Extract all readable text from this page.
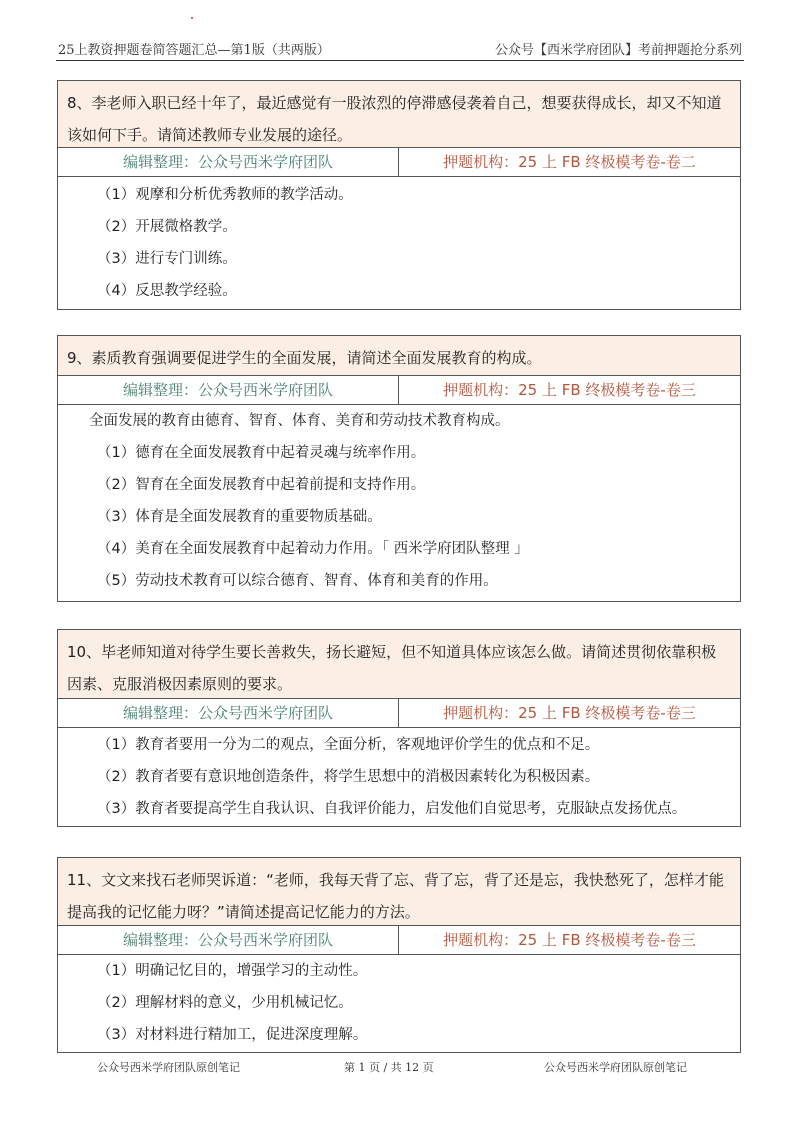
25上教资押题卷简答题汇总—第1版（共两版）	公众号【西米学府团队】考前押题抢分系列
8、李老师入职已经十年了，最近感觉有一股浓烈的停滞感侵袭着自己，想要获得成长，却又不知道该如何下手。请简述教师专业发展的途径。
编辑整理：公众号西米学府团队	押题机构：25 上 FB 终极模考卷-卷二
（1）观摩和分析优秀教师的教学活动。
（2）开展微格教学。
（3）进行专门训练。
（4）反思教学经验。
9、素质教育强调要促进学生的全面发展，请简述全面发展教育的构成。
编辑整理：公众号西米学府团队	押题机构：25 上 FB 终极模考卷-卷三
全面发展的教育由德育、智育、体育、美育和劳动技术教育构成。
（1）德育在全面发展教育中起着灵魂与统率作用。
（2）智育在全面发展教育中起着前提和支持作用。
（3）体育是全面发展教育的重要物质基础。
（4）美育在全面发展教育中起着动力作用。「 西米学府团队整理 」
（5）劳动技术教育可以综合德育、智育、体育和美育的作用。
10、毕老师知道对待学生要长善救失，扬长避短，但不知道具体应该怎么做。请简述贯彻依靠积极因素、克服消极因素原则的要求。
编辑整理：公众号西米学府团队	押题机构：25 上 FB 终极模考卷-卷三
（1）教育者要用一分为二的观点，全面分析，客观地评价学生的优点和不足。
（2）教育者要有意识地创造条件，将学生思想中的消极因素转化为积极因素。
（3）教育者要提高学生自我认识、自我评价能力，启发他们自觉思考，克服缺点发扬优点。
11、文文来找石老师哭诉道：“老师，我每天背了忘、背了忘，背了还是忘，我快愁死了，怎样才能提高我的记忆能力呀？”请简述提高记忆能力的方法。
编辑整理：公众号西米学府团队	押题机构：25 上 FB 终极模考卷-卷三
（1）明确记忆目的，增强学习的主动性。
（2）理解材料的意义，少用机械记忆。
（3）对材料进行精加工，促进深度理解。
公众号西米学府团队原创笔记	第 1 页 / 共 12 页	公众号西米学府团队原创笔记
